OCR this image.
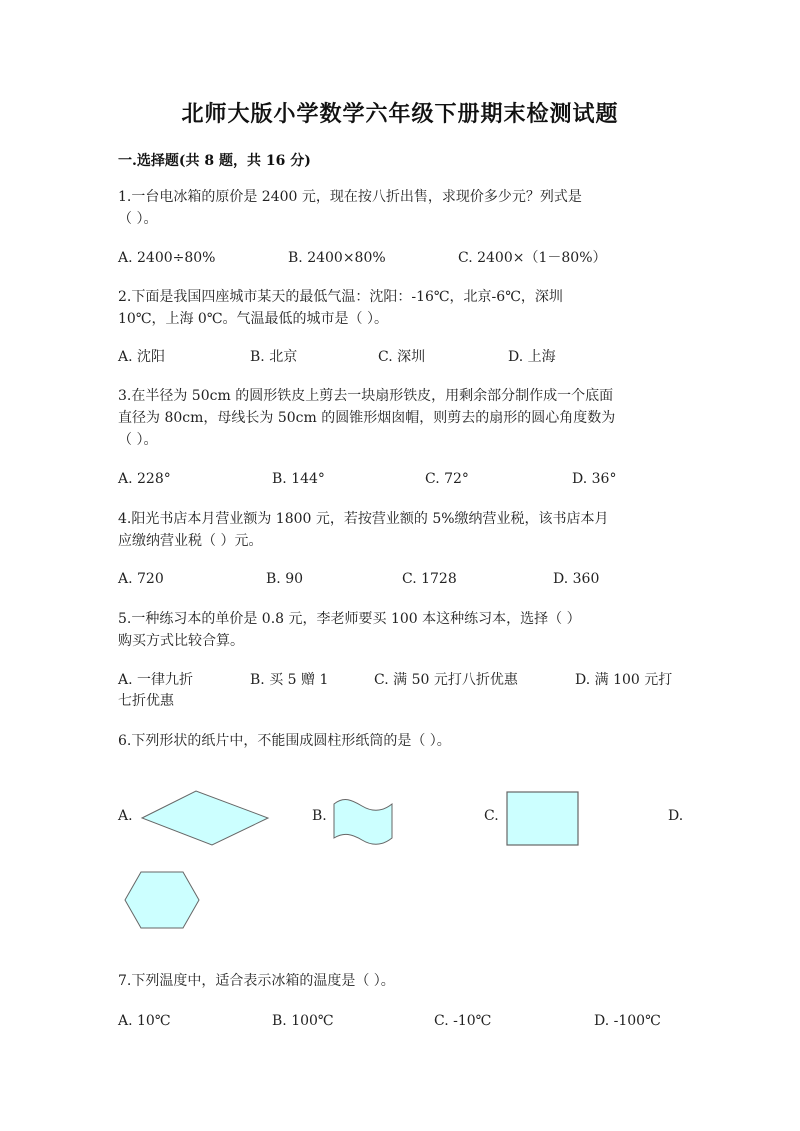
北师大版小学数学六年级下册期末检测试题
一.选择题(共 8 题，共 16 分)
1.一台电冰箱的原价是 2400 元，现在按八折出售，求现价多少元？列式是
（ ）。
A. 2400÷80%	B. 2400×80%	C. 2400×（1－80%）
2.下面是我国四座城市某天的最低气温：沈阳：-16℃，北京-6℃，深圳
10℃，上海 0℃。气温最低的城市是（ ）。
A. 沈阳	B. 北京	C. 深圳	D. 上海
3.在半径为 50cm 的圆形铁皮上剪去一块扇形铁皮，用剩余部分制作成一个底面
直径为 80cm，母线长为 50cm 的圆锥形烟囱帽，则剪去的扇形的圆心角度数为
（ ）。
A. 228°	B. 144°	C. 72°	D. 36°
4.阳光书店本月营业额为 1800 元，若按营业额的 5%缴纳营业税，该书店本月
应缴纳营业税（ ）元。
A. 720	B. 90	C. 1728	D. 360
5.一种练习本的单价是 0.8 元，李老师要买 100 本这种练习本，选择（ ）
购买方式比较合算。
A. 一律九折	B. 买 5 赠 1	C. 满 50 元打八折优惠	D. 满 100 元打
七折优惠
6.下列形状的纸片中，不能围成圆柱形纸筒的是（ ）。
A.	B.	C.	D.
7.下列温度中，适合表示冰箱的温度是（ ）。
A. 10℃	B. 100℃	C. -10℃	D. -100℃
